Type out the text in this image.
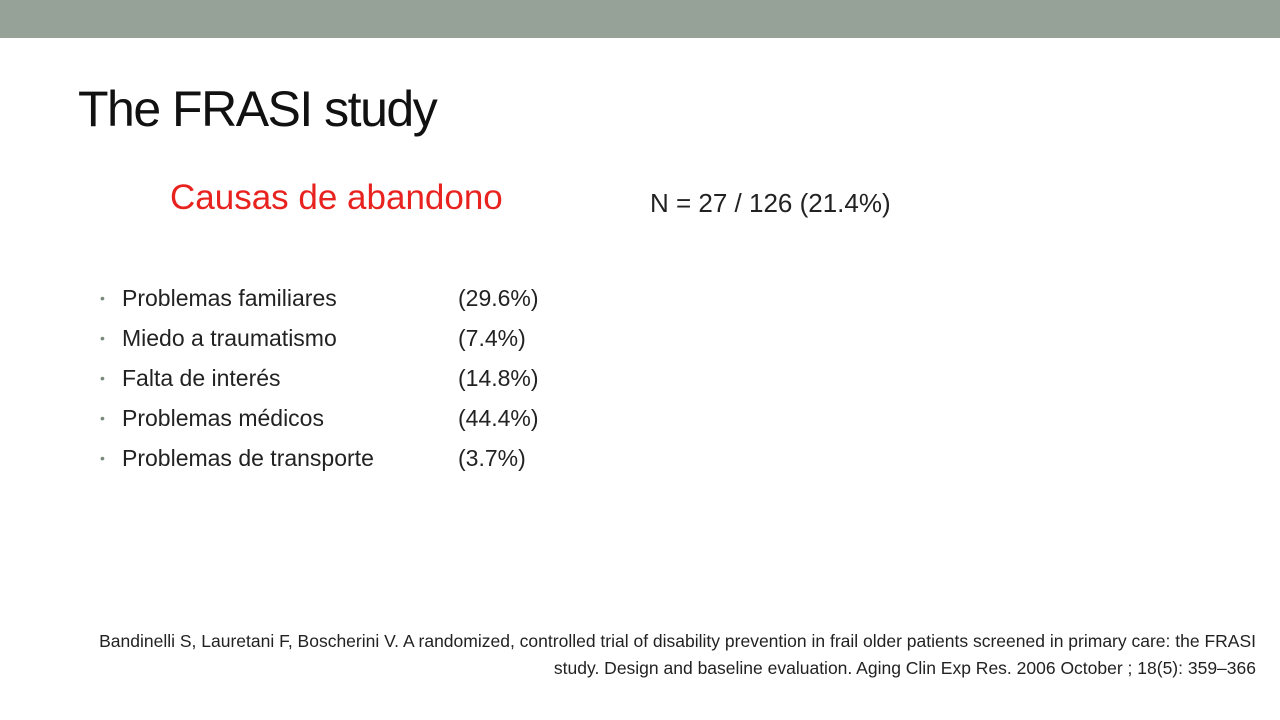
The FRASI study
Causas de abandono	N = 27 / 126 (21.4%)
• Problemas familiares	(29.6%)
• Miedo a traumatismo	(7.4%)
• Falta de interés	(14.8%)
• Problemas médicos	(44.4%)
• Problemas de transporte	(3.7%)
Bandinelli S, Lauretani F, Boscherini V. A randomized, controlled trial of disability prevention in frail older patients screened in primary care: the FRASI study. Design and baseline evaluation. Aging Clin Exp Res. 2006 October ; 18(5): 359–366
